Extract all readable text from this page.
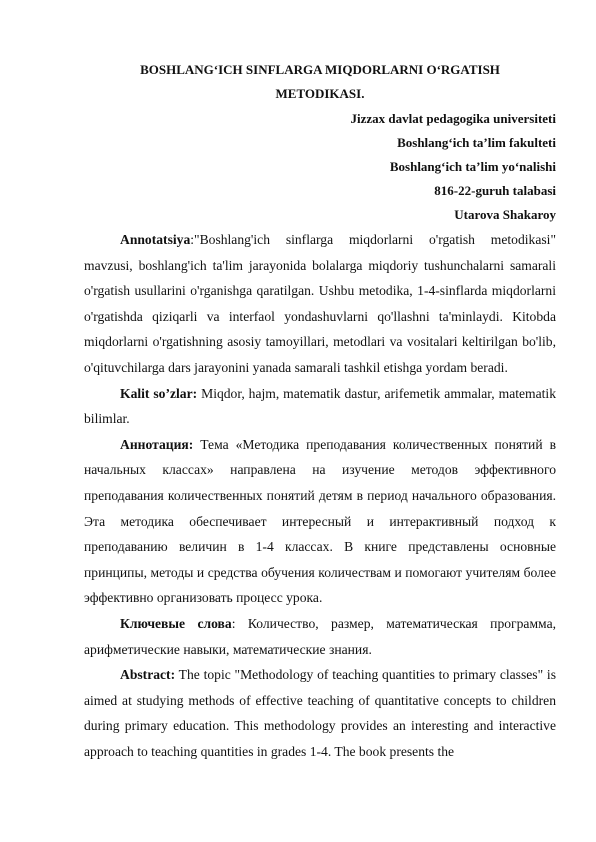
BOSHLANG‘ICH SINFLARGA MIQDORLARNI O‘RGATISH METODIKASI.
Jizzax davlat pedagogika universiteti
Boshlang‘ich ta’lim fakulteti
Boshlang‘ich ta’lim yo‘nalishi
816-22-guruh talabasi
Utarova Shakaroy

Annotatsiya:"Boshlang'ich sinflarga miqdorlarni o'rgatish metodikasi" mavzusi, boshlang'ich ta'lim jarayonida bolalarga miqdoriy tushunchalarni samarali o'rgatish usullarini o'rganishga qaratilgan. Ushbu metodika, 1-4-sinflarda miqdorlarni o'rgatishda qiziqarli va interfaol yondashuvlarni qo'llashni ta'minlaydi. Kitobda miqdorlarni o'rgatishning asosiy tamoyillari, metodlari va vositalari keltirilgan bo'lib, o'qituvchilarga dars jarayonini yanada samarali tashkil etishga yordam beradi.

Kalit so’zlar: Miqdor, hajm, matematik dastur, arifemetik ammalar, matematik bilimlar.

Аннотация: Тема «Методика преподавания количественных понятий в начальных классах» направлена на изучение методов эффективного преподавания количественных понятий детям в период начального образования. Эта методика обеспечивает интересный и интерактивный подход к преподаванию величин в 1-4 классах. В книге представлены основные принципы, методы и средства обучения количествам и помогают учителям более эффективно организовать процесс урока.

Ключевые слова: Количество, размер, математическая программа, арифметические навыки, математические знания.

Abstract: The topic "Methodology of teaching quantities to primary classes" is aimed at studying methods of effective teaching of quantitative concepts to children during primary education. This methodology provides an interesting and interactive approach to teaching quantities in grades 1-4. The book presents the
